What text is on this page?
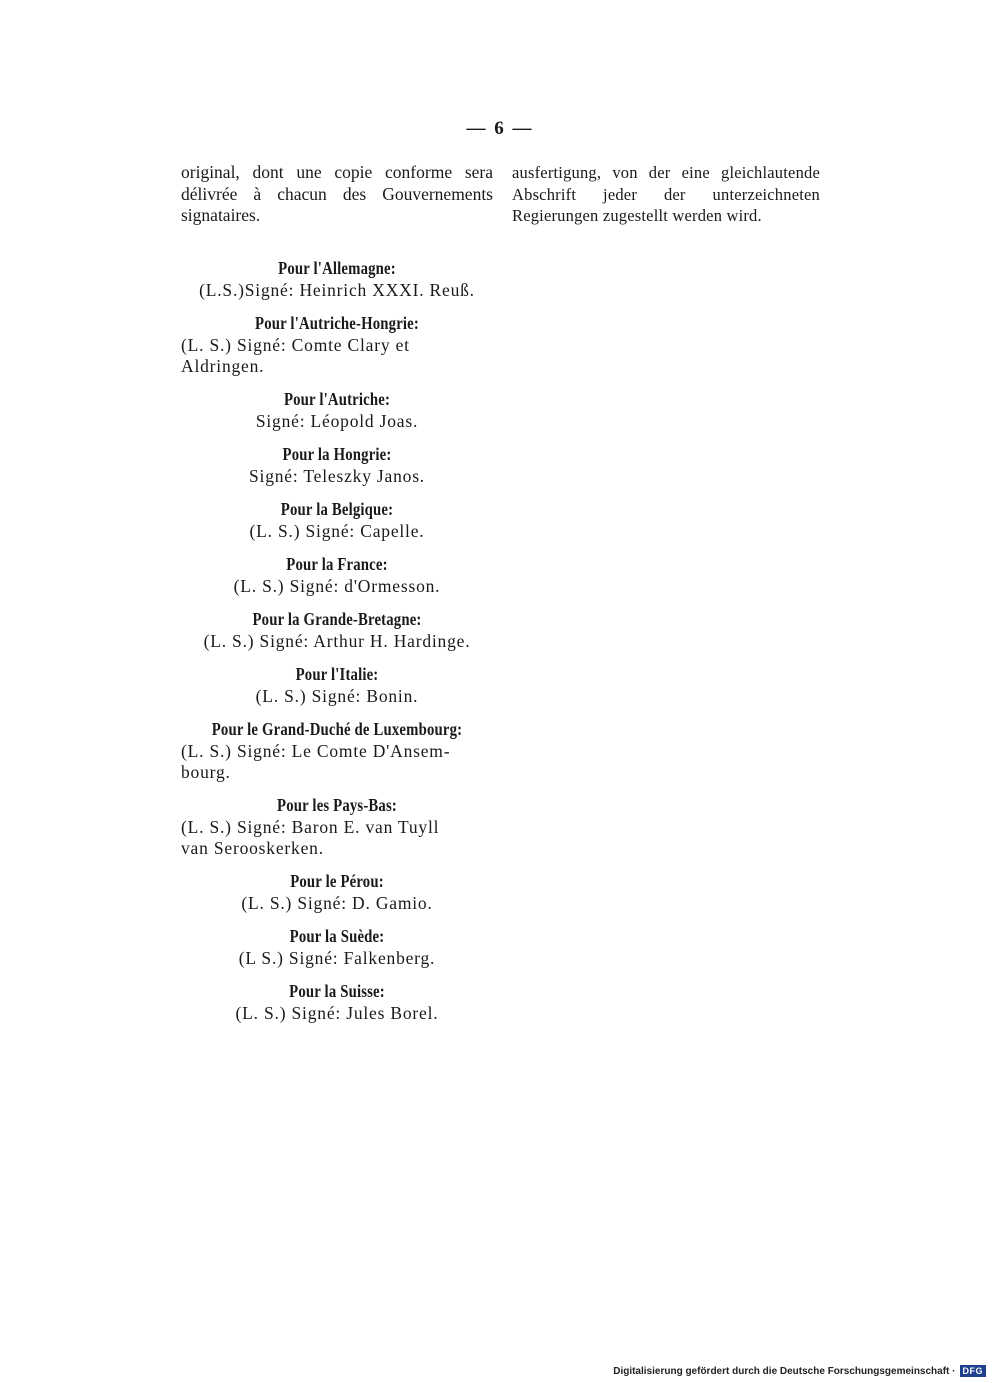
— 6 —

original, dont une copie conforme sera délivrée à chacun des Gouvernements signataires.

Pour l'Allemagne:

(L.S.)Signé: Heinrich XXXI. Reuß.

Pour l'Autriche-Hongrie:

(L. S.) Signé: Comte Clary et
Aldringen.

Pour l'Autriche:

Signé: Léopold Joas.

Pour la Hongrie:

Signé: Teleszky Janos.

Pour la Belgique:

(L. S.) Signé: Capelle.

Pour la France:

(L. S.) Signé: d'Ormesson.

Pour la Grande-Bretagne:

(L. S.) Signé: Arthur H. Hardinge.

Pour l'Italie:

(L. S.) Signé: Bonin.

Pour le Grand-Duché de Luxembourg:

(L. S.) Signé: Le Comte D'Ansem-
bourg.

Pour les Pays-Bas:

(L. S.) Signé: Baron E. van Tuyll
van Serooskerken.

Pour le Pérou:

(L. S.) Signé: D. Gamio.

Pour la Suède:

(L S.) Signé: Falkenberg.

Pour la Suisse:

(L. S.) Signé: Jules Borel.

ausfertigung, von der eine gleichlautende Abschrift jeder der unterzeichneten Regierungen zugestellt werden wird.

Digitalisierung gefördert durch die Deutsche Forschungsgemeinschaft · DFG
